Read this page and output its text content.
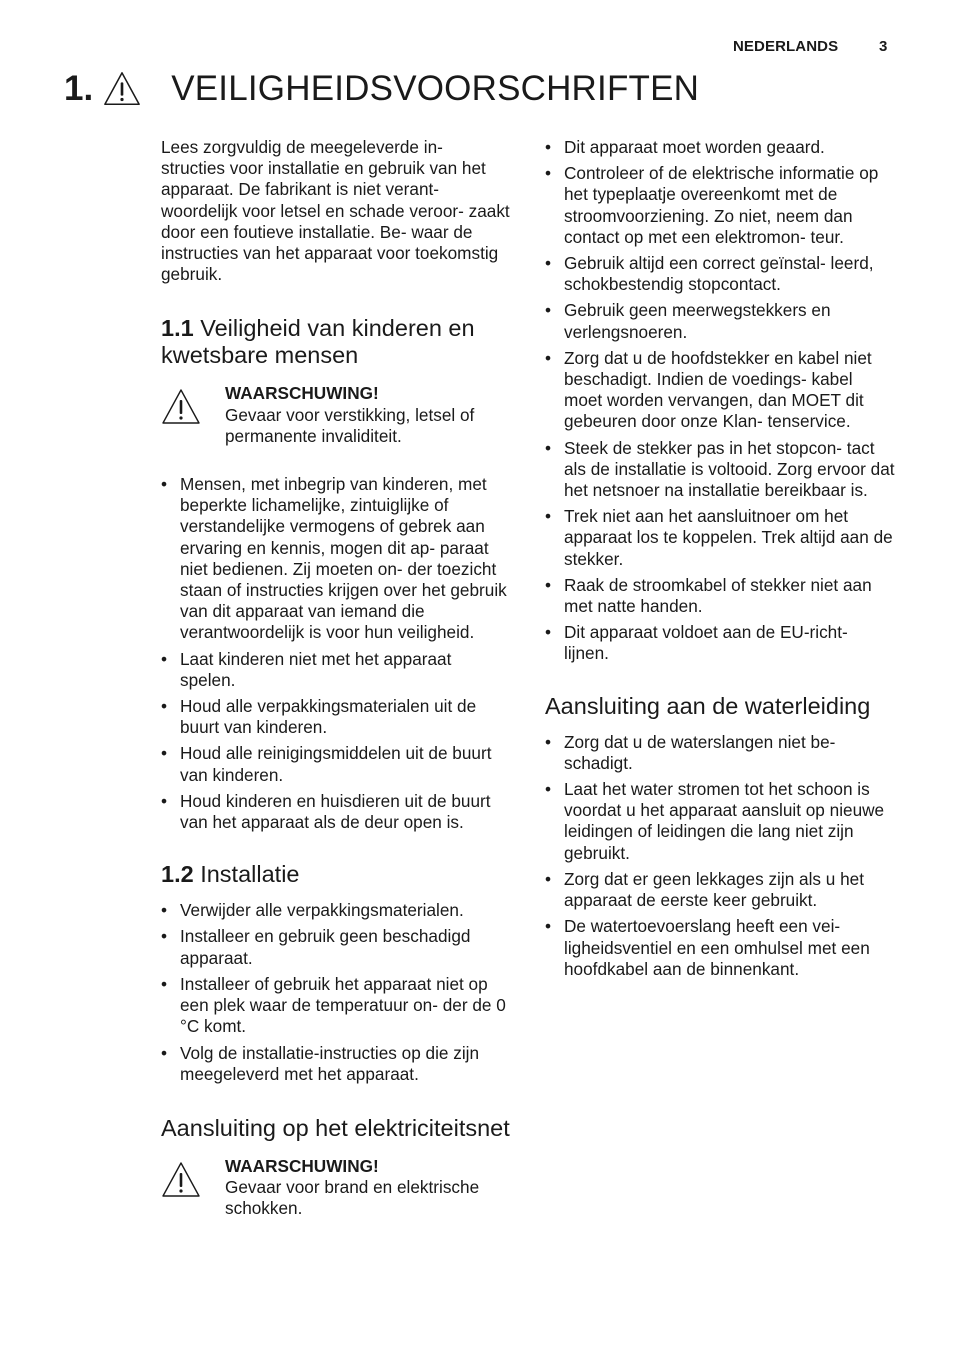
NEDERLANDS	3
1. VEILIGHEIDSVOORSCHRIFTEN

Lees zorgvuldig de meegeleverde in- structies voor installatie en gebruik van het apparaat. De fabrikant is niet verant- woordelijk voor letsel en schade veroor- zaakt door een foutieve installatie. Be- waar de instructies van het apparaat voor toekomstig gebruik.

1.1 Veiligheid van kinderen en kwetsbare mensen
WAARSCHUWING!
Gevaar voor verstikking, letsel of permanente invaliditeit.
• Mensen, met inbegrip van kinderen, met beperkte lichamelijke, zintuiglijke of verstandelijke vermogens of gebrek aan ervaring en kennis, mogen dit ap- paraat niet bedienen. Zij moeten on- der toezicht staan of instructies krijgen over het gebruik van dit apparaat van iemand die verantwoordelijk is voor hun veiligheid.
• Laat kinderen niet met het apparaat spelen.
• Houd alle verpakkingsmaterialen uit de buurt van kinderen.
• Houd alle reinigingsmiddelen uit de buurt van kinderen.
• Houd kinderen en huisdieren uit de buurt van het apparaat als de deur open is.
1.2 Installatie
• Verwijder alle verpakkingsmaterialen.
• Installeer en gebruik geen beschadigd apparaat.
• Installeer of gebruik het apparaat niet op een plek waar de temperatuur on- der de 0 °C komt.
• Volg de installatie-instructies op die zijn meegeleverd met het apparaat.
Aansluiting op het elektriciteitsnet
WAARSCHUWING!
Gevaar voor brand en elektrische schokken.
• Dit apparaat moet worden geaard.
• Controleer of de elektrische informatie op het typeplaatje overeenkomt met de stroomvoorziening. Zo niet, neem dan contact op met een elektromon- teur.
• Gebruik altijd een correct geïnstal- leerd, schokbestendig stopcontact.
• Gebruik geen meerwegstekkers en verlengsnoeren.
• Zorg dat u de hoofdstekker en kabel niet beschadigt. Indien de voedings- kabel moet worden vervangen, dan MOET dit gebeuren door onze Klan- tenservice.
• Steek de stekker pas in het stopcon- tact als de installatie is voltooid. Zorg ervoor dat het netsnoer na installatie bereikbaar is.
• Trek niet aan het aansluitnoer om het apparaat los te koppelen. Trek altijd aan de stekker.
• Raak de stroomkabel of stekker niet aan met natte handen.
• Dit apparaat voldoet aan de EU-richt- lijnen.
Aansluiting aan de waterleiding
• Zorg dat u de waterslangen niet be- schadigt.
• Laat het water stromen tot het schoon is voordat u het apparaat aansluit op nieuwe leidingen of leidingen die lang niet zijn gebruikt.
• Zorg dat er geen lekkages zijn als u het apparaat de eerste keer gebruikt.
• De watertoevoerslang heeft een vei- ligheidsventiel en een omhulsel met een hoofdkabel aan de binnenkant.
